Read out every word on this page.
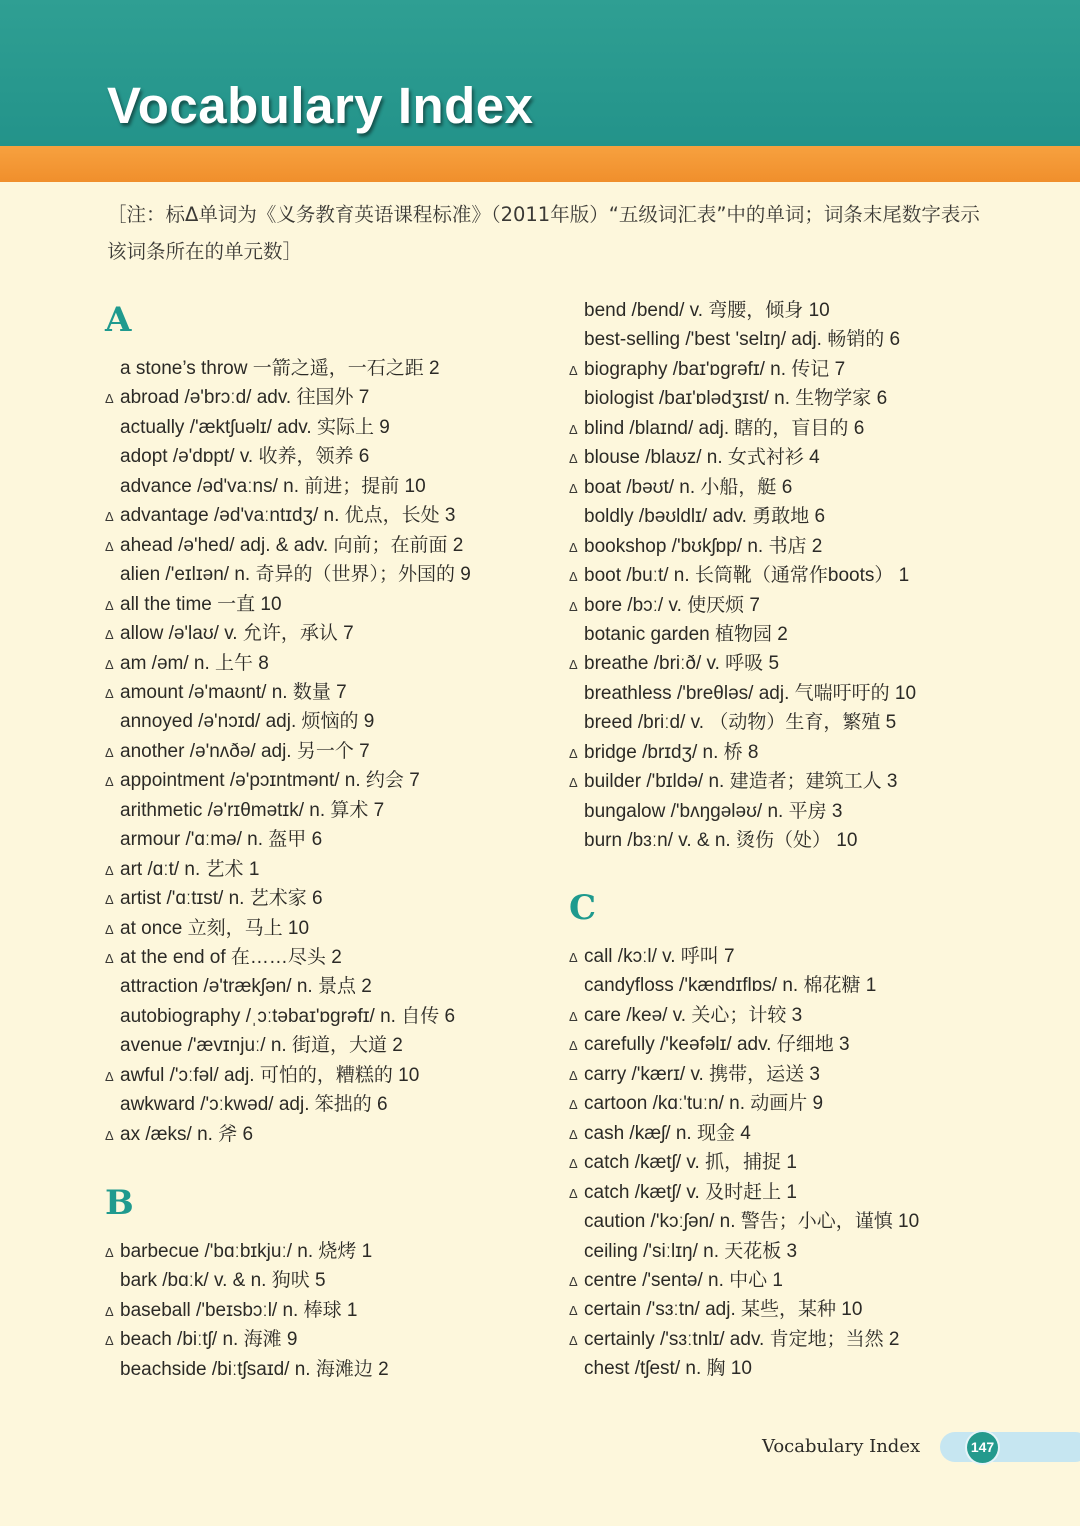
Vocabulary Index
［注：标Δ单词为《义务教育英语课程标准》（2011年版）“五级词汇表”中的单词；词条末尾数字表示该词条所在的单元数］
A
a stone’s throw 一箭之遥，一石之距 2
Δ abroad /ə'brɔːd/ adv. 往国外 7
actually /'æktʃuəlɪ/ adv. 实际上 9
adopt /ə'dɒpt/ v. 收养，领养 6
advance /əd'vaːns/ n. 前进；提前 10
Δ advantage /əd'vaːntɪdʒ/ n. 优点，长处 3
Δ ahead /ə'hed/ adj. & adv. 向前；在前面 2
alien /'eɪlɪən/ n. 奇异的（世界）；外国的 9
Δ all the time 一直 10
Δ allow /ə'laʊ/ v. 允许，承认 7
Δ am /əm/ n. 上午 8
Δ amount /ə'maʊnt/ n. 数量 7
annoyed /ə'nɔɪd/ adj. 烦恼的 9
Δ another /ə'nʌðə/ adj. 另一个 7
Δ appointment /ə'pɔɪntmənt/ n. 约会 7
arithmetic /ə'rɪθmətɪk/ n. 算术 7
armour /'ɑːmə/ n. 盔甲 6
Δ art /ɑːt/ n. 艺术 1
Δ artist /'ɑːtɪst/ n. 艺术家 6
Δ at once 立刻，马上 10
Δ at the end of 在……尽头 2
attraction /ə'trækʃən/ n. 景点 2
autobiography /ˌɔːtəbaɪ'ɒgrəfɪ/ n. 自传 6
avenue /'ævɪnjuː/ n. 街道，大道 2
Δ awful /'ɔːfəl/ adj. 可怕的，糟糕的 10
awkward /'ɔːkwəd/ adj. 笨拙的 6
Δ ax /æks/ n. 斧 6
B
Δ barbecue /'bɑːbɪkjuː/ n. 烧烤 1
bark /bɑːk/ v. & n. 狗吠 5
Δ baseball /'beɪsbɔːl/ n. 棒球 1
Δ beach /biːtʃ/ n. 海滩 9
beachside /biːtʃsaɪd/ n. 海滩边 2
bend /bend/ v. 弯腰，倾身 10
best-selling /'best 'selɪŋ/ adj. 畅销的 6
Δ biography /baɪ'ɒgrəfɪ/ n. 传记 7
biologist /baɪ'ɒlədʒɪst/ n. 生物学家 6
Δ blind /blaɪnd/ adj. 瞎的，盲目的 6
Δ blouse /blaʊz/ n. 女式衬衫 4
Δ boat /bəʊt/ n. 小船，艇 6
boldly /bəʊldlɪ/ adv. 勇敢地 6
Δ bookshop /'bʊkʃɒp/ n. 书店 2
Δ boot /buːt/ n. 长筒靴（通常作boots） 1
Δ bore /bɔː/ v. 使厌烦 7
botanic garden 植物园 2
Δ breathe /briːð/ v. 呼吸 5
breathless /'breθləs/ adj. 气喘吁吁的 10
breed /briːd/ v. （动物）生育，繁殖 5
Δ bridge /brɪdʒ/ n. 桥 8
Δ builder /'bɪldə/ n. 建造者；建筑工人 3
bungalow /'bʌŋgələʊ/ n. 平房 3
burn /bɜːn/ v. & n. 烫伤（处） 10
C
Δ call /kɔːl/ v. 呼叫 7
candyfloss /'kændɪflɒs/ n. 棉花糖 1
Δ care /keə/ v. 关心；计较 3
Δ carefully /'keəfəlɪ/ adv. 仔细地 3
Δ carry /'kærɪ/ v. 携带，运送 3
Δ cartoon /kɑː'tuːn/ n. 动画片 9
Δ cash /kæʃ/ n. 现金 4
Δ catch /kætʃ/ v. 抓，捕捉 1
Δ catch /kætʃ/ v. 及时赶上 1
caution /'kɔːʃən/ n. 警告；小心，谨慎 10
ceiling /'siːlɪŋ/ n. 天花板 3
Δ centre /'sentə/ n. 中心 1
Δ certain /'sɜːtn/ adj. 某些，某种 10
Δ certainly /'sɜːtnlɪ/ adv. 肯定地；当然 2
chest /tʃest/ n. 胸 10
Vocabulary Index	147
